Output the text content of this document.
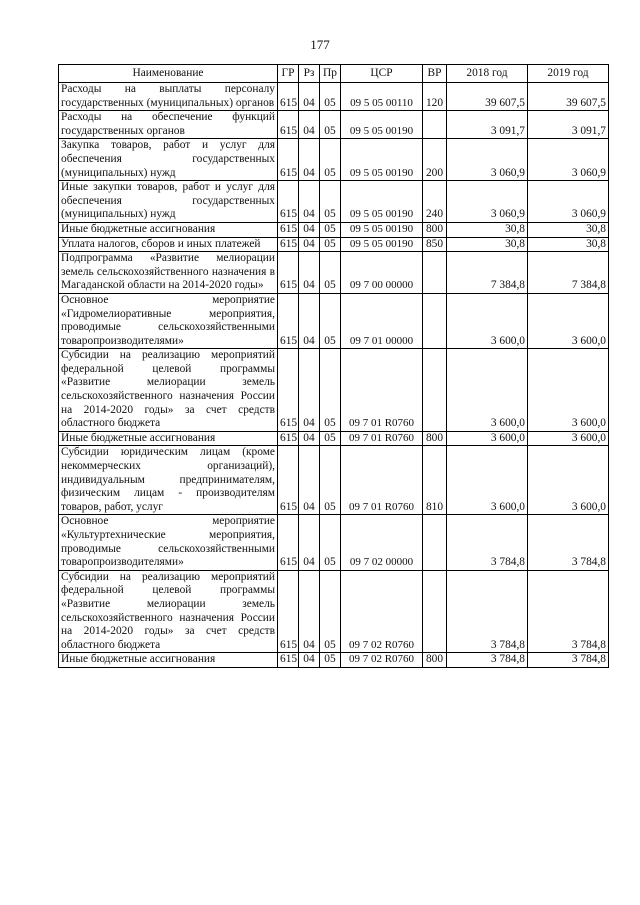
177
Наименование	ГР	Рз	Пр	ЦСР	ВР	2018 год	2019 год
Расходы на выплаты персоналу государственных (муниципальных) органов	615	04	05	09 5 05 00110	120	39 607,5	39 607,5
Расходы на обеспечение функций государственных органов	615	04	05	09 5 05 00190		3 091,7	3 091,7
Закупка товаров, работ и услуг для обеспечения государственных (муниципальных) нужд	615	04	05	09 5 05 00190	200	3 060,9	3 060,9
Иные закупки товаров, работ и услуг для обеспечения государственных (муниципальных) нужд	615	04	05	09 5 05 00190	240	3 060,9	3 060,9
Иные бюджетные ассигнования	615	04	05	09 5 05 00190	800	30,8	30,8
Уплата налогов, сборов и иных платежей	615	04	05	09 5 05 00190	850	30,8	30,8
Подпрограмма «Развитие мелиорации земель сельскохозяйственного назначения в Магаданской области на 2014-2020 годы»	615	04	05	09 7 00 00000		7 384,8	7 384,8
Основное мероприятие «Гидромелиоративные мероприятия, проводимые сельскохозяйственными товаропроизводителями»	615	04	05	09 7 01 00000		3 600,0	3 600,0
Субсидии на реализацию мероприятий федеральной целевой программы «Развитие мелиорации земель сельскохозяйственного назначения России на 2014-2020 годы» за счет средств областного бюджета	615	04	05	09 7 01 R0760		3 600,0	3 600,0
Иные бюджетные ассигнования	615	04	05	09 7 01 R0760	800	3 600,0	3 600,0
Субсидии юридическим лицам (кроме некоммерческих организаций), индивидуальным предпринимателям, физическим лицам - производителям товаров, работ, услуг	615	04	05	09 7 01 R0760	810	3 600,0	3 600,0
Основное мероприятие «Культуртехнические мероприятия, проводимые сельскохозяйственными товаропроизводителями»	615	04	05	09 7 02 00000		3 784,8	3 784,8
Субсидии на реализацию мероприятий федеральной целевой программы «Развитие мелиорации земель сельскохозяйственного назначения России на 2014-2020 годы» за счет средств областного бюджета	615	04	05	09 7 02 R0760		3 784,8	3 784,8
Иные бюджетные ассигнования	615	04	05	09 7 02 R0760	800	3 784,8	3 784,8
